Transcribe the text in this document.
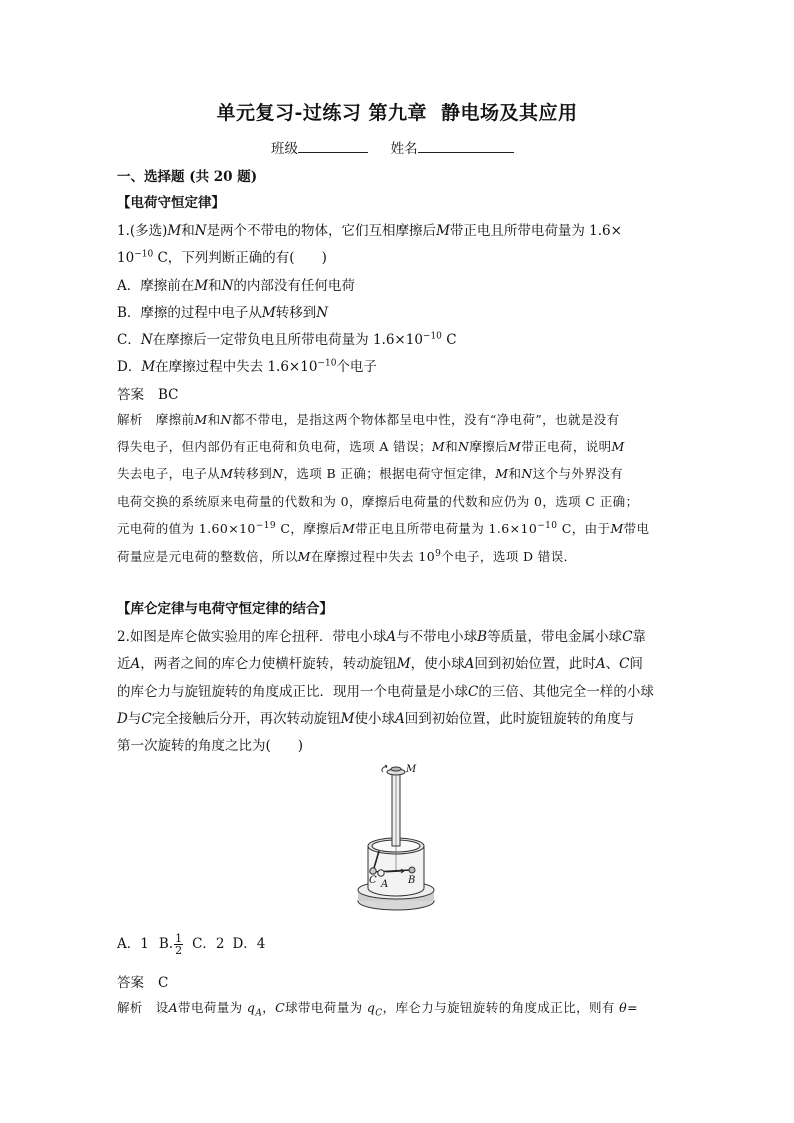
单元复习-过练习 第九章 静电场及其应用
班级	姓名
一、选择题 (共 20 题)
【电荷守恒定律】
1.(多选)M和N是两个不带电的物体，它们互相摩擦后M带正电且所带电荷量为 1.6×
$10^{-10}$ C，下列判断正确的有(　　)
A．摩擦前在M和N的内部没有任何电荷
B．摩擦的过程中电子从M转移到N
C．N在摩擦后一定带负电且所带电荷量为 $1.6\times 10^{-10}$ C
D．M在摩擦过程中失去 $1.6\times 10^{-10}$个电子
答案 BC
解析　摩擦前M和N都不带电，是指这两个物体都呈电中性，没有“净电荷”，也就是没有
得失电子，但内部仍有正电荷和负电荷，选项 A 错误；M和N摩擦后M带正电荷，说明M
失去电子，电子从M转移到N，选项 B 正确；根据电荷守恒定律，M和N这个与外界没有
电荷交换的系统原来电荷量的代数和为 0，摩擦后电荷量的代数和应仍为 0，选项 C 正确；
元电荷的值为 $1.60\times 10^{-19}$ C，摩擦后M带正电且所带电荷量为 $1.6\times 10^{-10}$ C，由于M带电
荷量应是元电荷的整数倍，所以M在摩擦过程中失去 $10^9$个电子，选项 D 错误．
【库仑定律与电荷守恒定律的结合】
2.如图是库仑做实验用的库仑扭秤．带电小球A与不带电小球B等质量，带电金属小球C靠
近A，两者之间的库仑力使横杆旋转，转动旋钮M，使小球A回到初始位置，此时A、C间
的库仑力与旋钮旋转的角度成正比．现用一个电荷量是小球C的三倍、其他完全一样的小球
D与C完全接触后分开，再次转动旋钮M使小球A回到初始位置，此时旋钮旋转的角度与
第一次旋转的角度之比为(　　)
M
C A B
A．1 B. $\frac{1}{2}$ C．2 D．4
答案 C
解析　设A带电荷量为 $q_A$，C球带电荷量为 $q_C$，库仑力与旋钮旋转的角度成正比，则有 θ=
